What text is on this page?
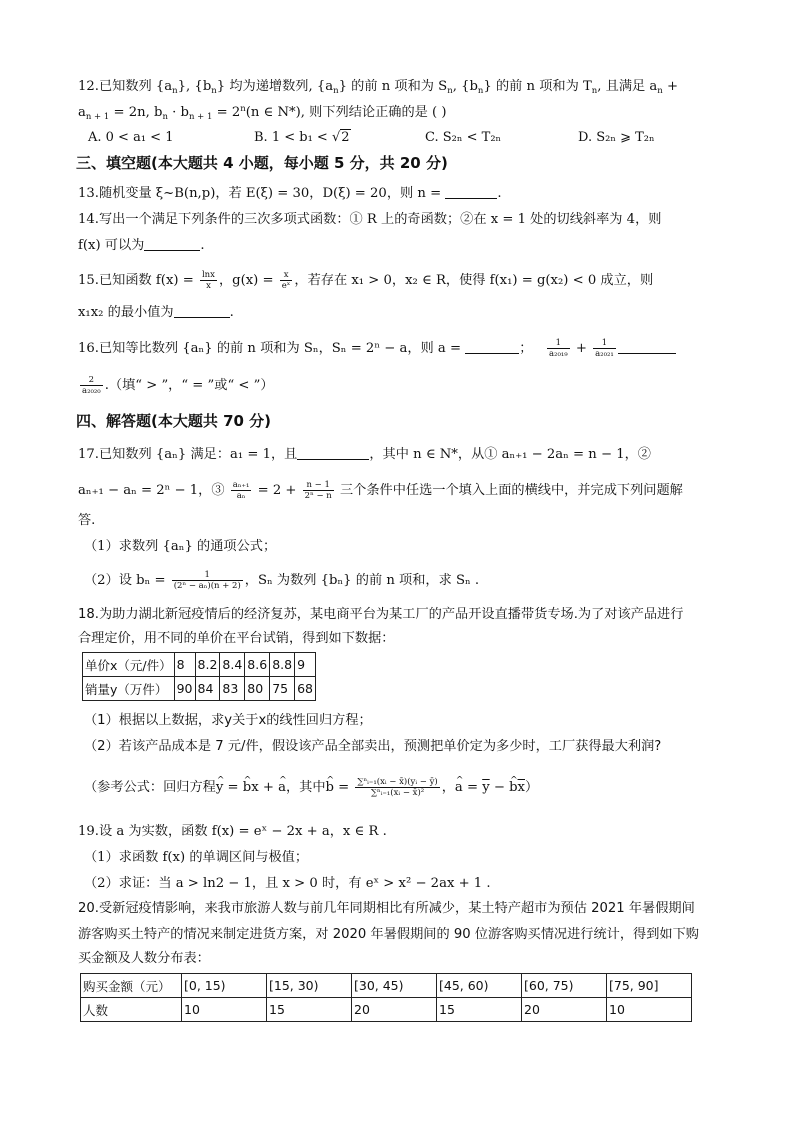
12.已知数列 $\{a_n\}$, $\{b_n\}$ 均为递增数列, $\{a_n\}$ 的前 n 项和为 $S_n$, $\{b_n\}$ 的前 n 项和为 $T_n$, 且满足 $a_n$ +
$a_{n + 1} = 2n$, $b_n \cdot b_{n + 1} = 2^n(n$ ∈ N*), 则下列结论正确的是 ( )
A. 0 < a₁ < 1	B. 1 < b₁ < √2	C. S₂ₙ < T₂ₙ	D. S₂ₙ ⩾ T₂ₙ
三、填空题(本大题共 4 小题，每小题 5 分，共 20 分)
13.随机变量 ξ~B(n,p)，若 E(ξ) = 30，D(ξ) = 20，则 n =	.
14.写出一个满足下列条件的三次多项式函数：① R 上的奇函数；②在 x = 1 处的切线斜率为 4，则
f(x) 可以为	.
15.已知函数 $f(x) = \frac{\ln x}{x}$ ，$g(x) = \frac{x}{\text{eˣ}}$ ，若存在 x₁ > 0，x₂ ∈ R，使得 f(x₁) = g(x₂) < 0 成立，则
x₁x₂ 的最小值为	.
16.已知等比数列 {aₙ} 的前 n 项和为 Sₙ，Sₙ = 2ⁿ − a，则 a =	； $\frac{1}{\text{a₂₀₁₉}} + \frac{1}{\text{a₂₀₂₁}}$
$\frac{2}{\text{a₂₀₂₀}}$ .（填“ > ”，“ = ”或“ < ”）
四、解答题(本大题共 70 分)
17.已知数列 {aₙ} 满足：a₁ = 1，且	，其中 n ∈ N*，从① aₙ₊₁ − 2aₙ = n − 1，②
aₙ₊₁ − aₙ = 2ⁿ − 1，③ $\frac{\text{aₙ₊₁}}{\text{aₙ}} = 2 + \frac{n - 1}{\text{2ⁿ − n}}$ 三个条件中任选一个填入上面的横线中，并完成下列问题解
答.
（1）求数列 {aₙ} 的通项公式；
（2）设 $b_n = \frac{1}{\text{(2ⁿ − aₙ)(n + 2)}}$ ，Sₙ 为数列 {bₙ} 的前 n 项和，求 Sₙ .
18.为助力湖北新冠疫情后的经济复苏，某电商平台为某工厂的产品开设直播带货专场.为了对该产品进行
合理定价，用不同的单价在平台试销，得到如下数据：
单价x（元/件）	8	8.2	8.4	8.6	8.8	9
销量y（万件）	90	84	83	80	75	68
（1）根据以上数据，求y关于x的线性回归方程；
（2）若该产品成本是 7 元/件，假设该产品全部卖出，预测把单价定为多少时，工厂获得最大利润?
（参考公式：回归方程^ y = ^ bx + ^ a，其中^ $b = \frac{\text{∑ⁿᵢ₌₁(xᵢ − x̄)(yᵢ − ȳ)}}{\text{∑ⁿᵢ₌₁(xᵢ − x̄)²}}$ ，^ $a = \overline{y}$ − ^ $b\overline{x}$）
19.设 a 为实数，函数 f(x) = eˣ − 2x + a，x ∈ R .
（1）求函数 f(x) 的单调区间与极值；
（2）求证：当 a > ln2 − 1，且 x > 0 时，有 eˣ > x² − 2ax + 1 .
20.受新冠疫情影响，来我市旅游人数与前几年同期相比有所减少，某土特产超市为预估 2021 年暑假期间
游客购买土特产的情况来制定进货方案，对 2020 年暑假期间的 90 位游客购买情况进行统计，得到如下购
买金额及人数分布表：
购买金额（元）	[0, 15)	[15, 30)	[30, 45)	[45, 60)	[60, 75)	[75, 90]
人数	10	15	20	15	20	10
